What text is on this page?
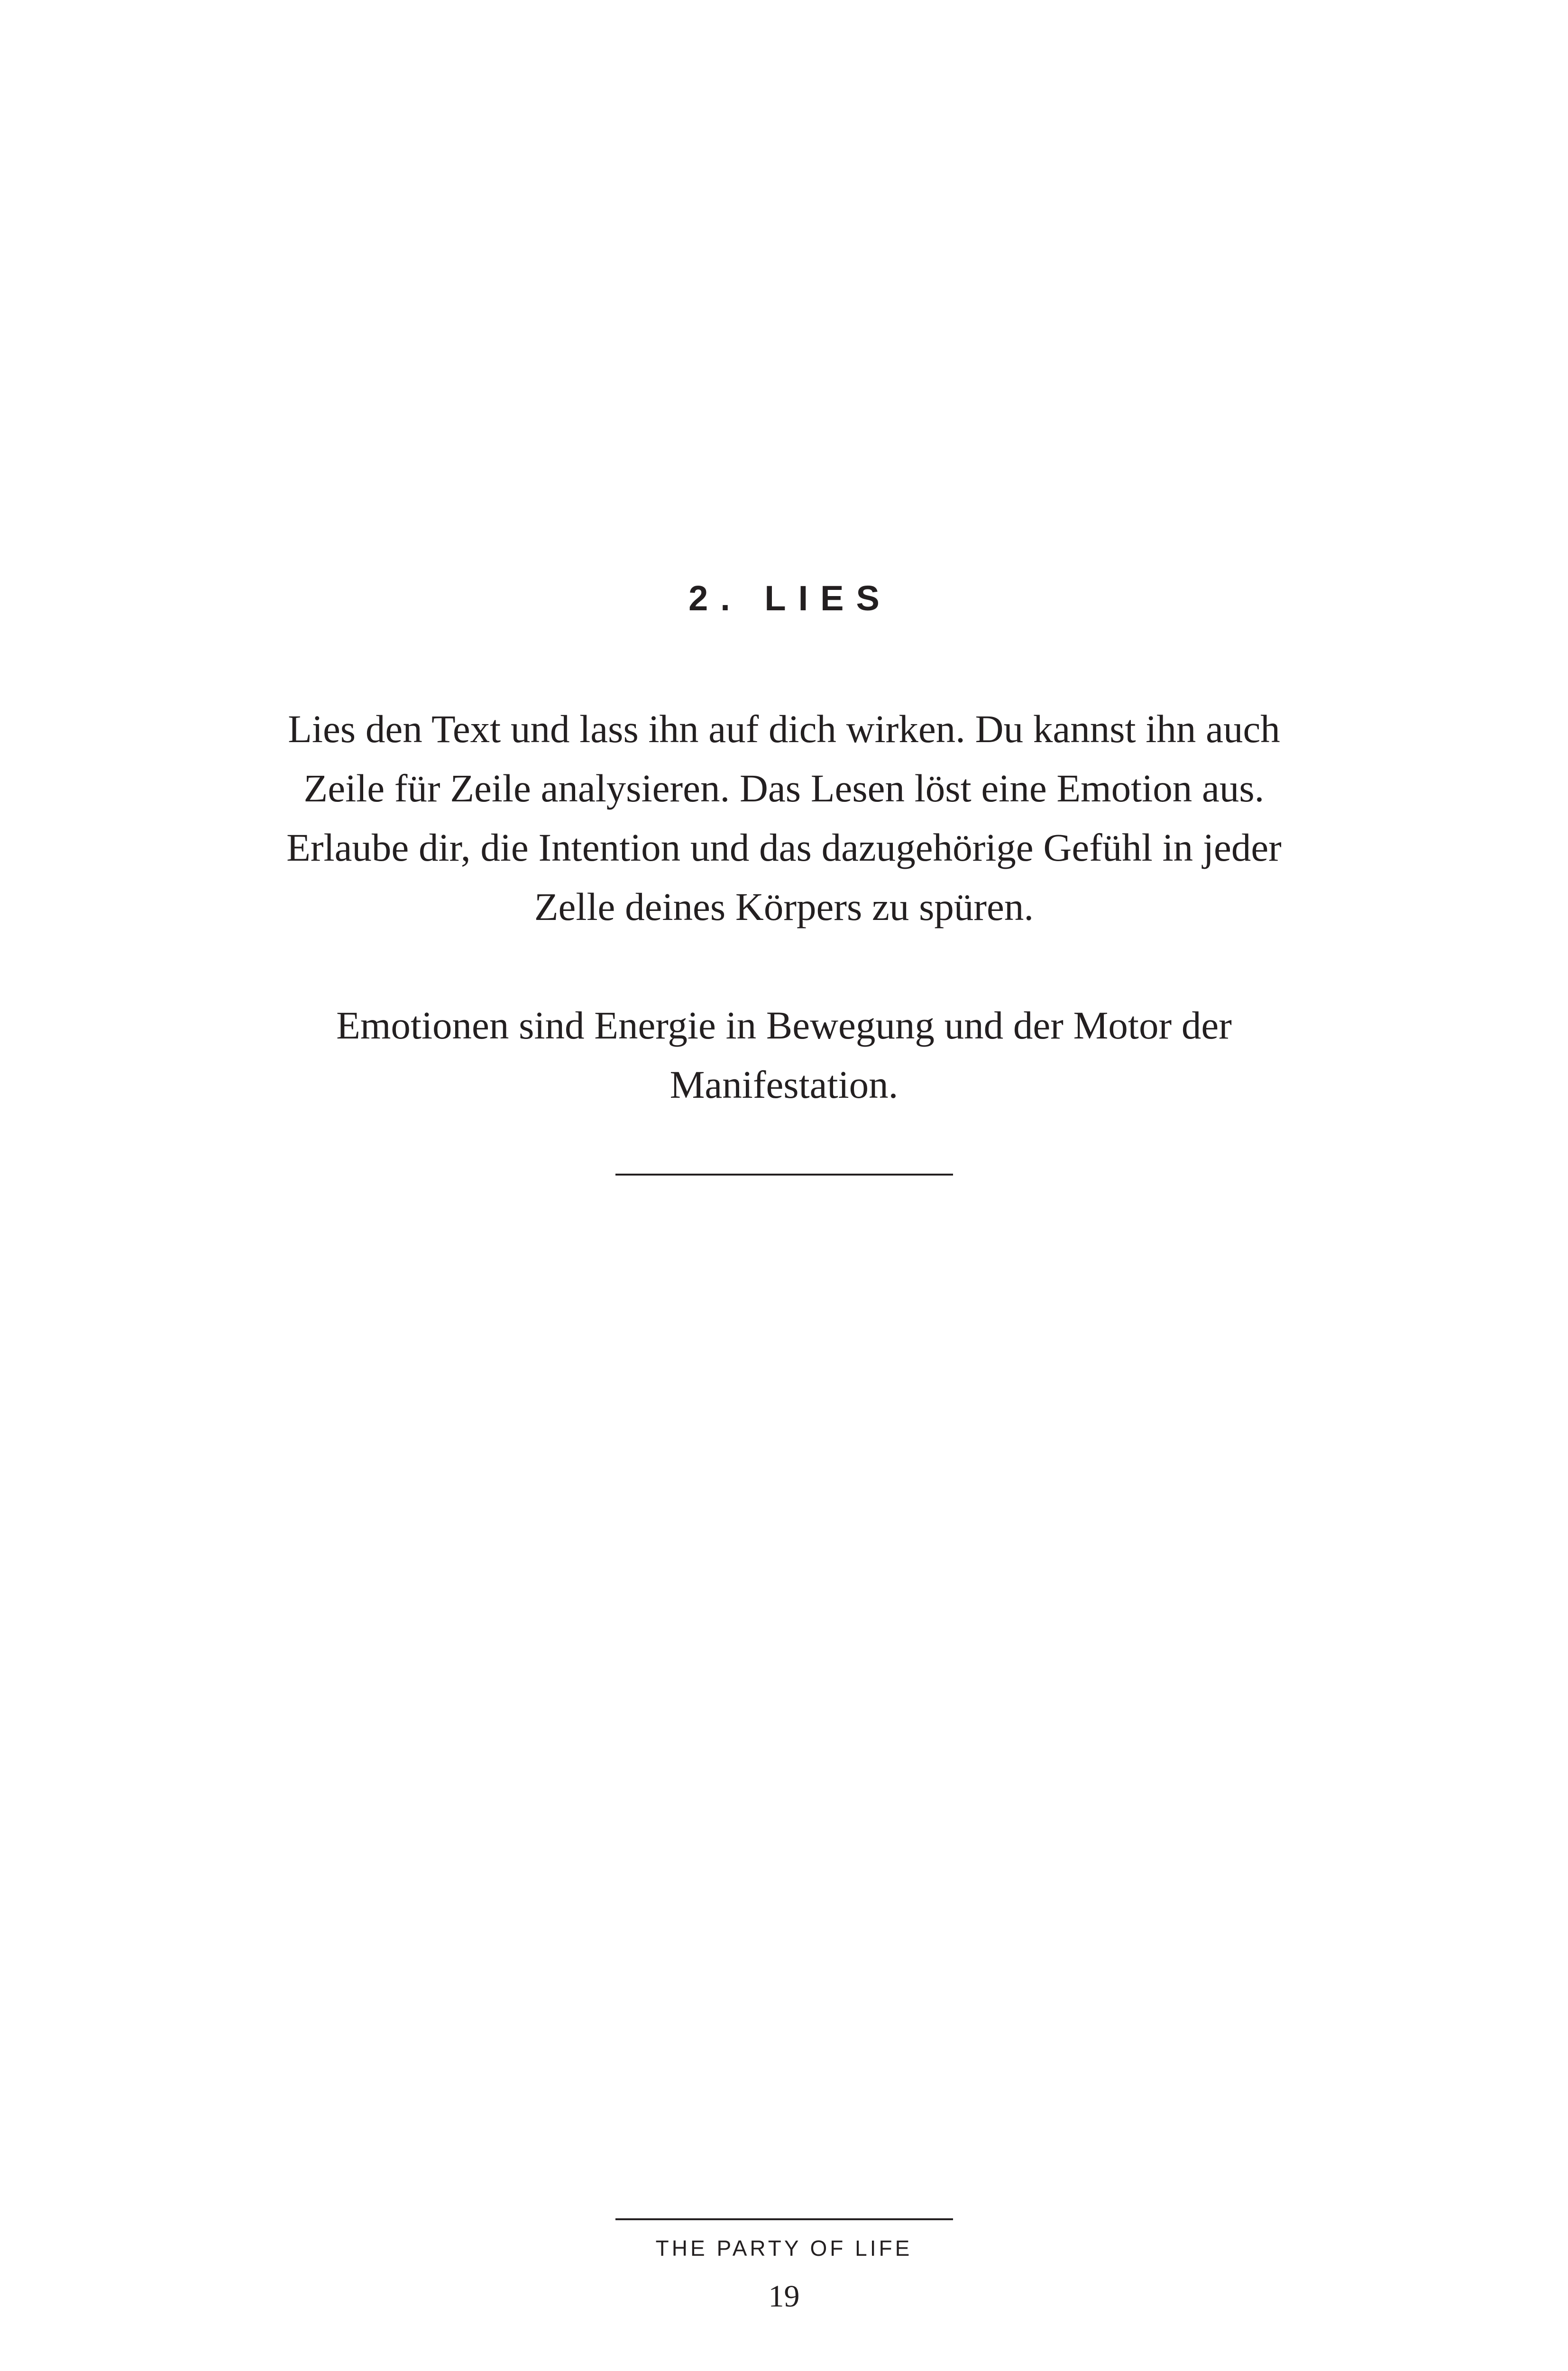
2. LIES

Lies den Text und lass ihn auf dich wirken. Du kannst ihn auch
Zeile für Zeile analysieren. Das Lesen löst eine Emotion aus.
Erlaube dir, die Intention und das dazugehörige Gefühl in jeder
Zelle deines Körpers zu spüren.

Emotionen sind Energie in Bewegung und der Motor der
Manifestation.

THE PARTY OF LIFE
19
